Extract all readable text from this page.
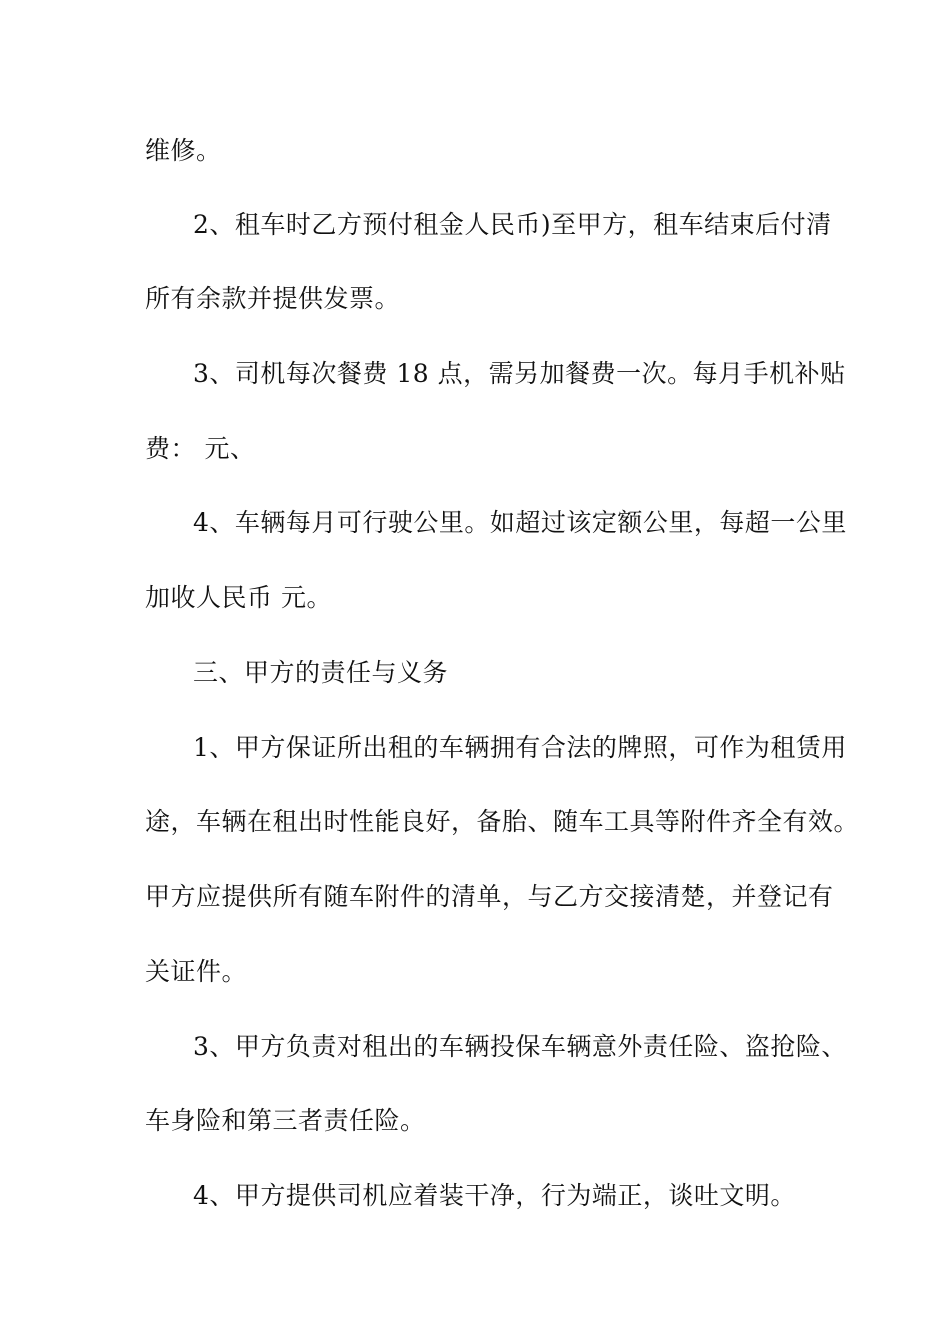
维修。
2、租车时乙方预付租金人民币)至甲方，租车结束后付清
所有余款并提供发票。
3、司机每次餐费 18 点，需另加餐费一次。每月手机补贴
费： 元、
4、车辆每月可行驶公里。如超过该定额公里，每超一公里
加收人民币 元。
三、甲方的责任与义务
1、甲方保证所出租的车辆拥有合法的牌照，可作为租赁用
途，车辆在租出时性能良好，备胎、随车工具等附件齐全有效。
甲方应提供所有随车附件的清单，与乙方交接清楚，并登记有
关证件。
3、甲方负责对租出的车辆投保车辆意外责任险、盗抢险、
车身险和第三者责任险。
4、甲方提供司机应着装干净，行为端正，谈吐文明。
